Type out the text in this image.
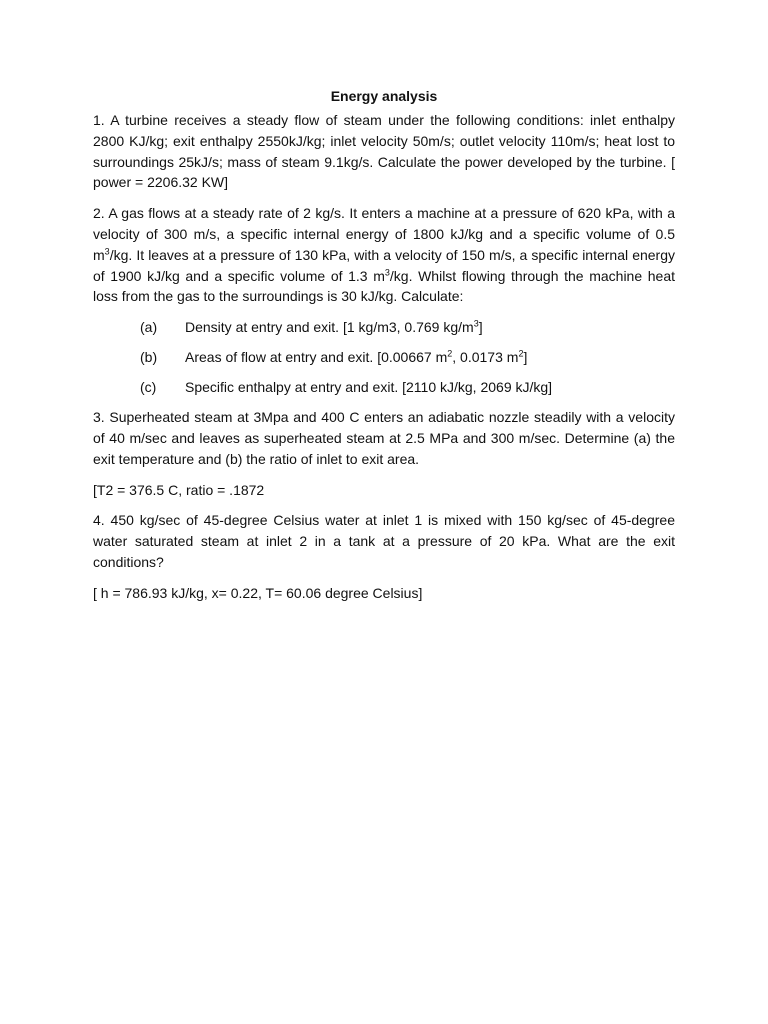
Energy analysis

1. A turbine receives a steady flow of steam under the following conditions: inlet enthalpy 2800 KJ/kg; exit enthalpy 2550kJ/kg; inlet velocity 50m/s; outlet velocity 110m/s; heat lost to surroundings 25kJ/s; mass of steam 9.1kg/s. Calculate the power developed by the turbine. [ power = 2206.32 KW]

2. A gas flows at a steady rate of 2 kg/s. It enters a machine at a pressure of 620 kPa, with a velocity of 300 m/s, a specific internal energy of 1800 kJ/kg and a specific volume of 0.5 $m^3/kg$. It leaves at a pressure of 130 kPa, with a velocity of 150 m/s, a specific internal energy of 1900 kJ/kg and a specific volume of 1.3 $m^3/kg$. Whilst flowing through the machine heat loss from the gas to the surroundings is 30 kJ/kg. Calculate:

(a)	Density at entry and exit. [1 kg/m3, 0.769 $kg/m^3$]
(b)	Areas of flow at entry and exit. [0.00667 $m^2$, 0.0173 $m^2$]
(c)	Specific enthalpy at entry and exit. [2110 kJ/kg, 2069 kJ/kg]

3. Superheated steam at 3Mpa and 400 C enters an adiabatic nozzle steadily with a velocity of 40 m/sec and leaves as superheated steam at 2.5 MPa and 300 m/sec. Determine (a) the exit temperature and (b) the ratio of inlet to exit area.

[T2 = 376.5 C, ratio = .1872

4. 450 kg/sec of 45-degree Celsius water at inlet 1 is mixed with 150 kg/sec of 45-degree water saturated steam at inlet 2 in a tank at a pressure of 20 kPa. What are the exit conditions?

[ h = 786.93 kJ/kg, x= 0.22, T= 60.06 degree Celsius]
